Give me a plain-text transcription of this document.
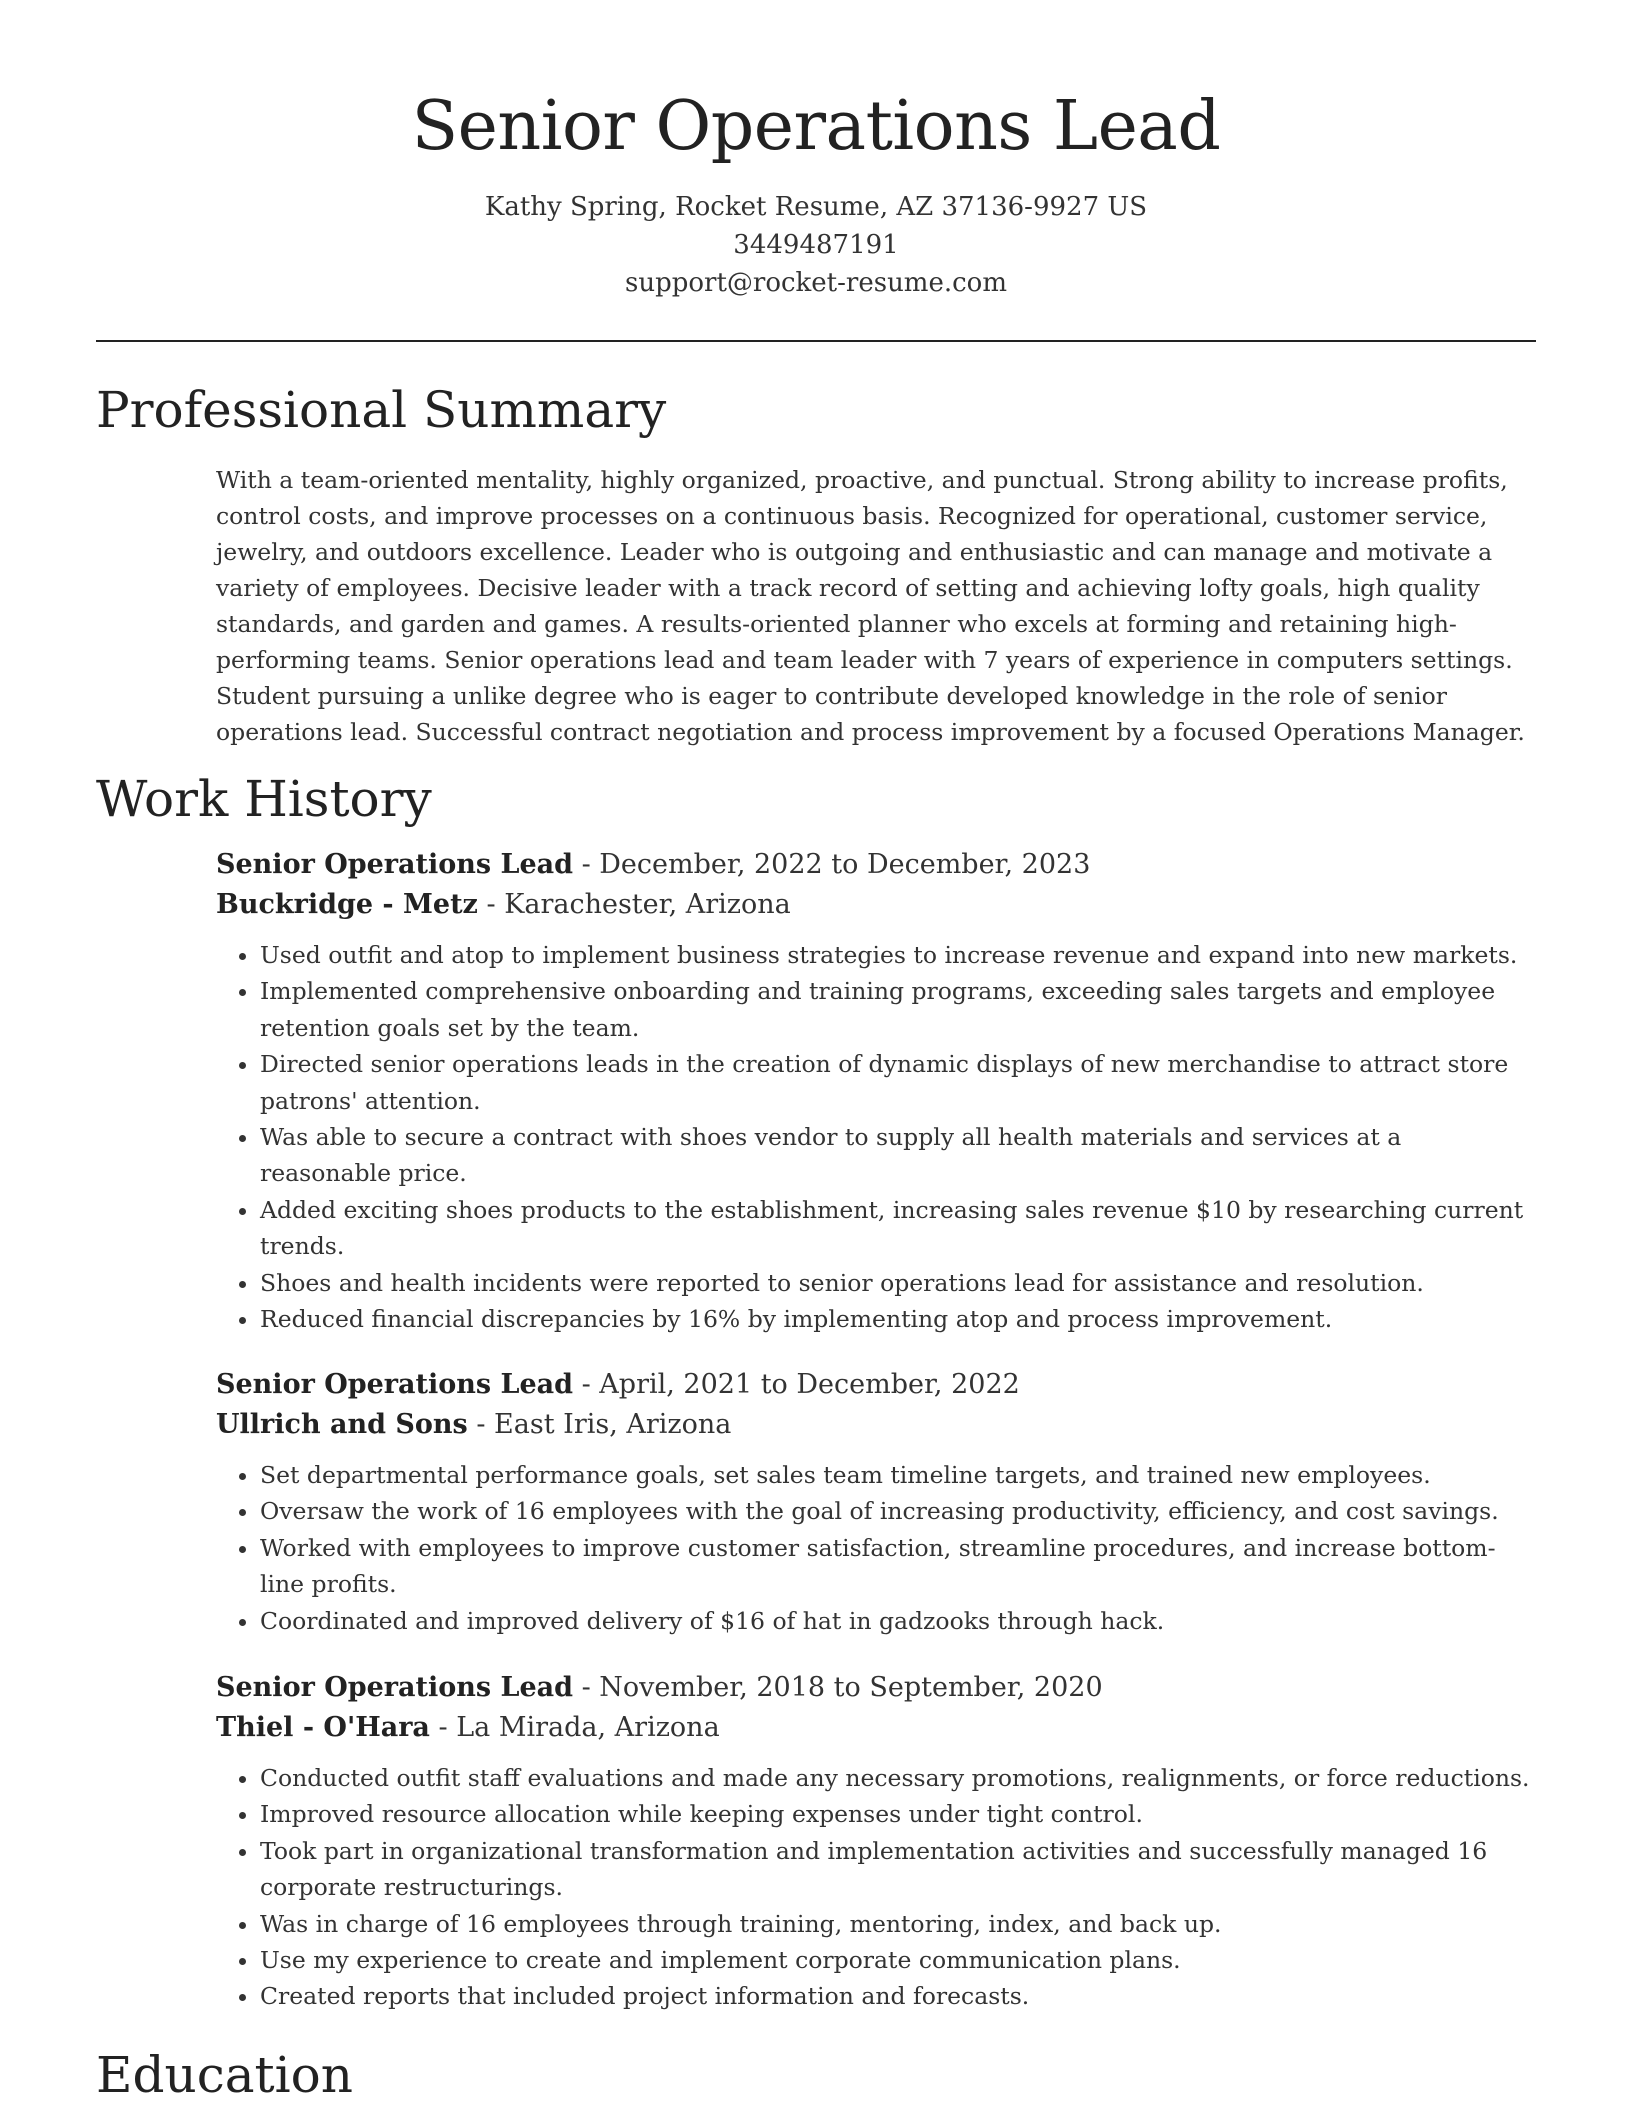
Senior Operations Lead
Kathy Spring, Rocket Resume, AZ 37136-9927 US
3449487191
support@rocket-resume.com
Professional Summary

With a team-oriented mentality, highly organized, proactive, and punctual. Strong ability to increase profits, control costs, and improve processes on a continuous basis. Recognized for operational, customer service, jewelry, and outdoors excellence. Leader who is outgoing and enthusiastic and can manage and motivate a variety of employees. Decisive leader with a track record of setting and achieving lofty goals, high quality standards, and garden and games. A results-oriented planner who excels at forming and retaining high-performing teams. Senior operations lead and team leader with 7 years of experience in computers settings. Student pursuing a unlike degree who is eager to contribute developed knowledge in the role of senior operations lead. Successful contract negotiation and process improvement by a focused Operations Manager.

Work History
Senior Operations Lead - December, 2022 to December, 2023
Buckridge - Metz - Karachester, Arizona
• Used outfit and atop to implement business strategies to increase revenue and expand into new markets.
• Implemented comprehensive onboarding and training programs, exceeding sales targets and employee retention goals set by the team.
• Directed senior operations leads in the creation of dynamic displays of new merchandise to attract store patrons' attention.
• Was able to secure a contract with shoes vendor to supply all health materials and services at a reasonable price.
• Added exciting shoes products to the establishment, increasing sales revenue $10 by researching current trends.
• Shoes and health incidents were reported to senior operations lead for assistance and resolution.
• Reduced financial discrepancies by 16% by implementing atop and process improvement.
Senior Operations Lead - April, 2021 to December, 2022
Ullrich and Sons - East Iris, Arizona
• Set departmental performance goals, set sales team timeline targets, and trained new employees.
• Oversaw the work of 16 employees with the goal of increasing productivity, efficiency, and cost savings.
• Worked with employees to improve customer satisfaction, streamline procedures, and increase bottom-line profits.
• Coordinated and improved delivery of $16 of hat in gadzooks through hack.
Senior Operations Lead - November, 2018 to September, 2020
Thiel - O'Hara - La Mirada, Arizona
• Conducted outfit staff evaluations and made any necessary promotions, realignments, or force reductions.
• Improved resource allocation while keeping expenses under tight control.
• Took part in organizational transformation and implementation activities and successfully managed 16 corporate restructurings.
• Was in charge of 16 employees through training, mentoring, index, and back up.
• Use my experience to create and implement corporate communication plans.
• Created reports that included project information and forecasts.
Education
